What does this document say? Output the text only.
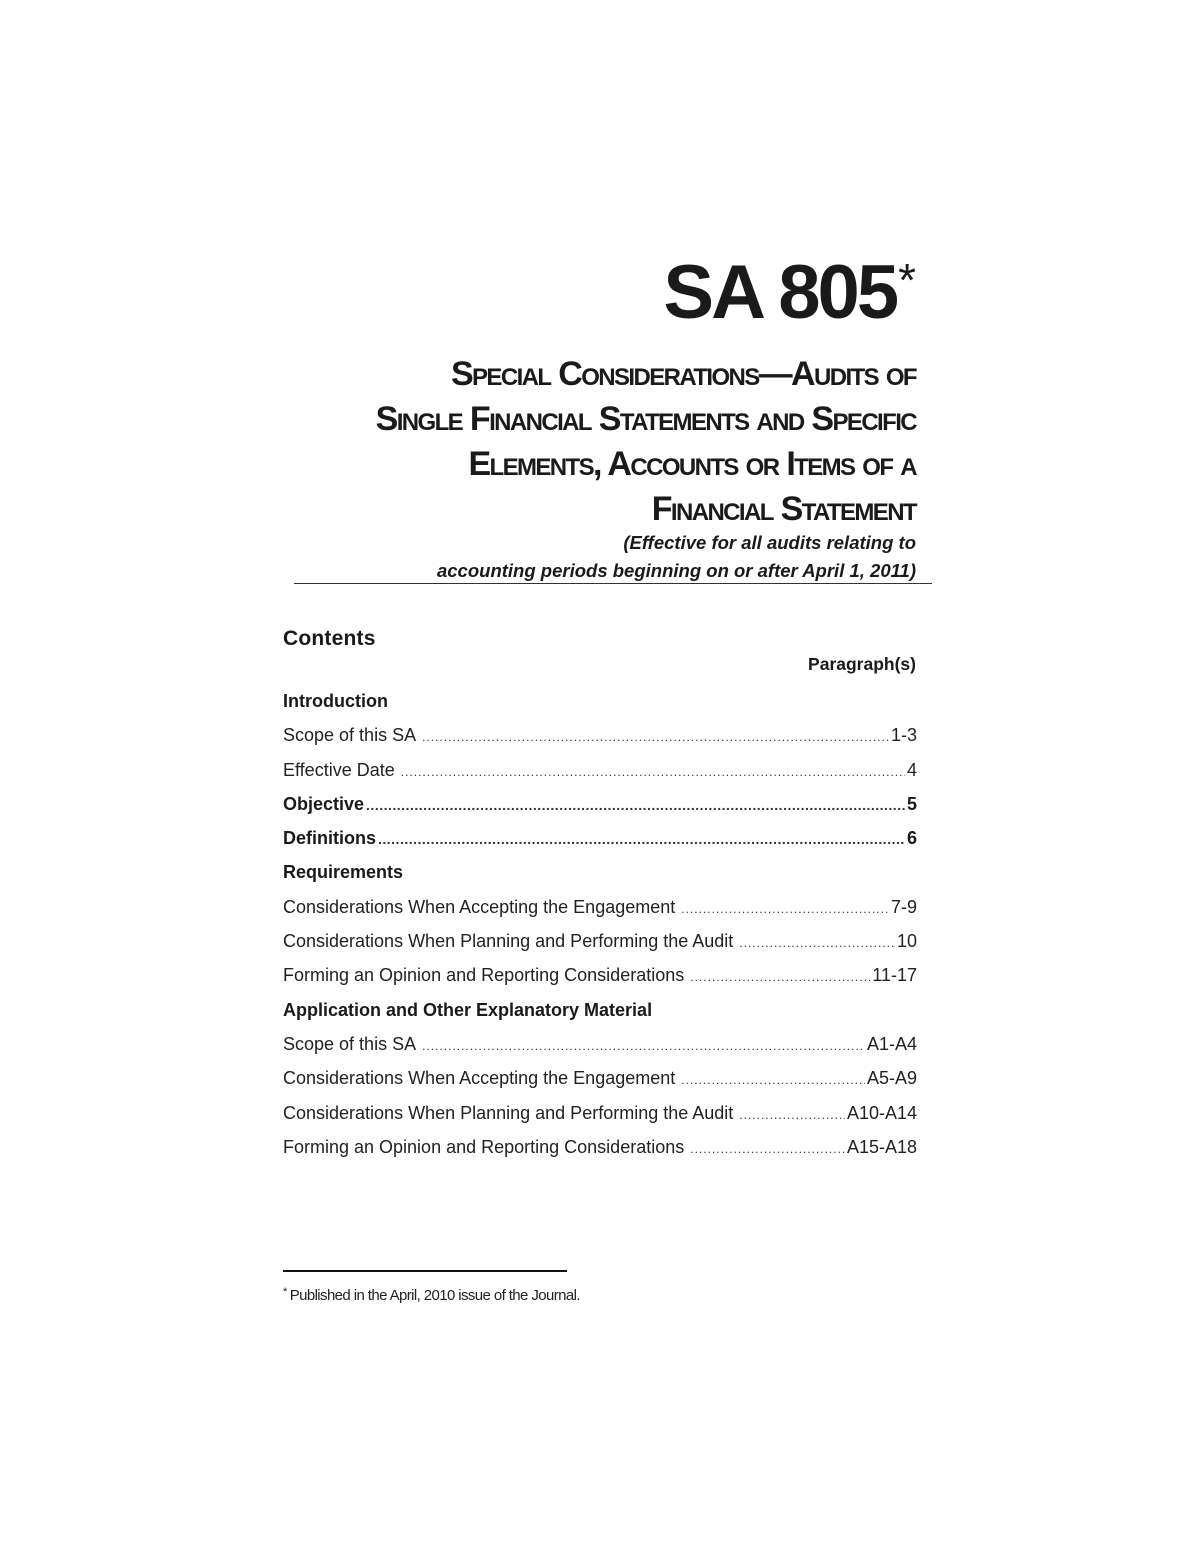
SA 805*
Special Considerations—Audits of
Single Financial Statements and Specific
Elements, Accounts or Items of a
Financial Statement
(Effective for all audits relating to
accounting periods beginning on or after April 1, 2011)
Contents
Paragraph(s)
Introduction
Scope of this SA .....	1-3
Effective Date .....	4
Objective .....	5
Definitions .....	6
Requirements
Considerations When Accepting the Engagement .....	7-9
Considerations When Planning and Performing the Audit .....	10
Forming an Opinion and Reporting Considerations .....	11-17
Application and Other Explanatory Material
Scope of this SA .....	A1-A4
Considerations When Accepting the Engagement .....	A5-A9
Considerations When Planning and Performing the Audit .....	A10-A14
Forming an Opinion and Reporting Considerations .....	A15-A18
* Published in the April, 2010 issue of the Journal.
